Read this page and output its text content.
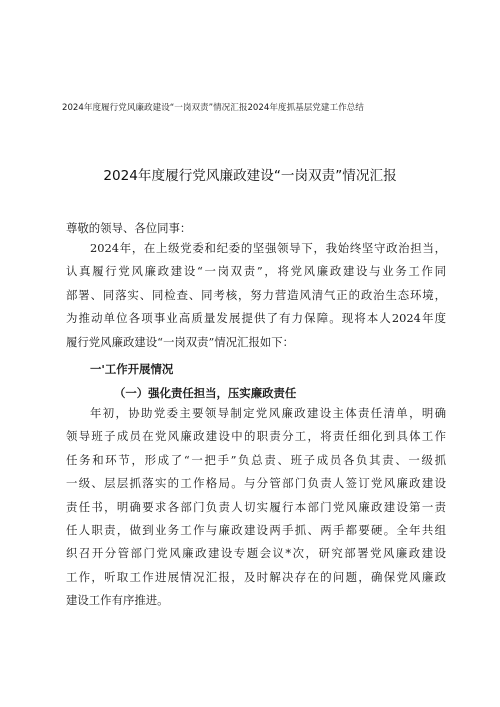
2024年度履行党风廉政建设“一岗双责”情况汇报2024年度抓基层党建工作总结
2024年度履行党风廉政建设“一岗双责”情况汇报
尊敬的领导、各位同事：
2024年，在上级党委和纪委的坚强领导下，我始终坚守政治担当，
认真履行党风廉政建设“一岗双责”，将党风廉政建设与业务工作同
部署、同落实、同检查、同考核，努力营造风清气正的政治生态环境，
为推动单位各项事业高质量发展提供了有力保障。现将本人2024年度
履行党风廉政建设“一岗双责”情况汇报如下：
一'工作开展情况
（一）强化责任担当，压实廉政责任
年初，协助党委主要领导制定党风廉政建设主体责任清单，明确
领导班子成员在党风廉政建设中的职责分工，将责任细化到具体工作
任务和环节，形成了“一把手”负总责、班子成员各负其责、一级抓
一级、层层抓落实的工作格局。与分管部门负责人签订党风廉政建设
责任书，明确要求各部门负责人切实履行本部门党风廉政建设第一责
任人职责，做到业务工作与廉政建设两手抓、两手都要硬。全年共组
织召开分管部门党风廉政建设专题会议*次，研究部署党风廉政建设
工作，听取工作进展情况汇报，及时解决存在的问题，确保党风廉政
建设工作有序推进。
